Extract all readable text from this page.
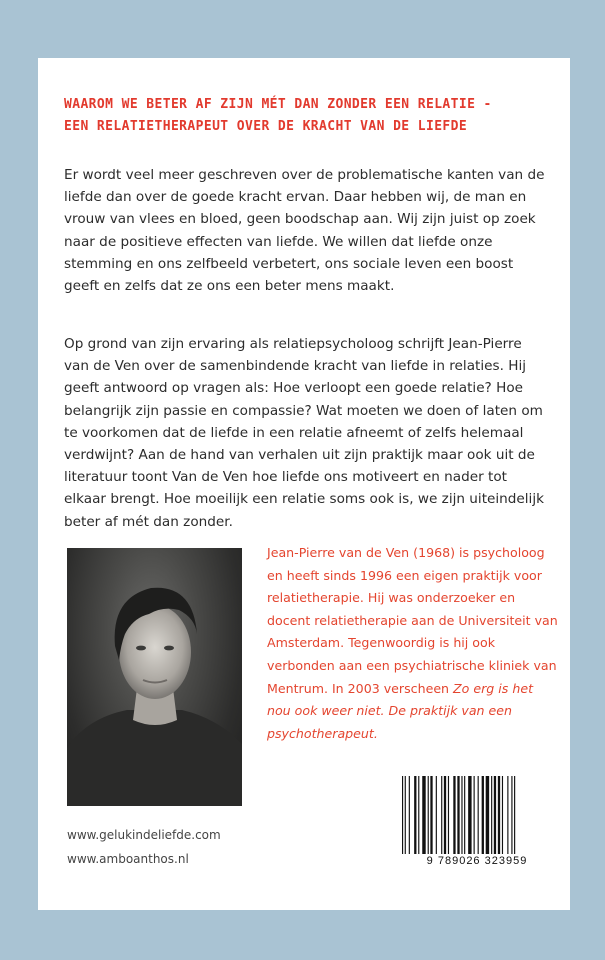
WAAROM WE BETER AF ZIJN MÉT DAN ZONDER EEN RELATIE -
EEN RELATIETHERAPEUT OVER DE KRACHT VAN DE LIEFDE

Er wordt veel meer geschreven over de problematische kanten van de liefde dan over de goede kracht ervan. Daar hebben wij, de man en vrouw van vlees en bloed, geen boodschap aan. Wij zijn juist op zoek naar de positieve effecten van liefde. We willen dat liefde onze stemming en ons zelfbeeld verbetert, ons sociale leven een boost geeft en zelfs dat ze ons een beter mens maakt.

Op grond van zijn ervaring als relatiepsycholoog schrijft Jean-Pierre van de Ven over de samenbindende kracht van liefde in relaties. Hij geeft antwoord op vragen als: Hoe verloopt een goede relatie? Hoe belangrijk zijn passie en compassie? Wat moeten we doen of laten om te voorkomen dat de liefde in een relatie afneemt of zelfs helemaal verdwijnt? Aan de hand van verhalen uit zijn praktijk maar ook uit de literatuur toont Van de Ven hoe liefde ons motiveert en nader tot elkaar brengt. Hoe moeilijk een relatie soms ook is, we zijn uiteindelijk beter af mét dan zonder.

Jean-Pierre van de Ven (1968) is psycholoog en heeft sinds 1996 een eigen praktijk voor relatietherapie. Hij was onderzoeker en docent relatietherapie aan de Universiteit van Amsterdam. Tegenwoordig is hij ook verbonden aan een psychiatrische kliniek van Mentrum. In 2003 verscheen Zo erg is het nou ook weer niet. De praktijk van een psychotherapeut.

9 789026 323959
www.gelukindeliefde.com
www.amboanthos.nl
